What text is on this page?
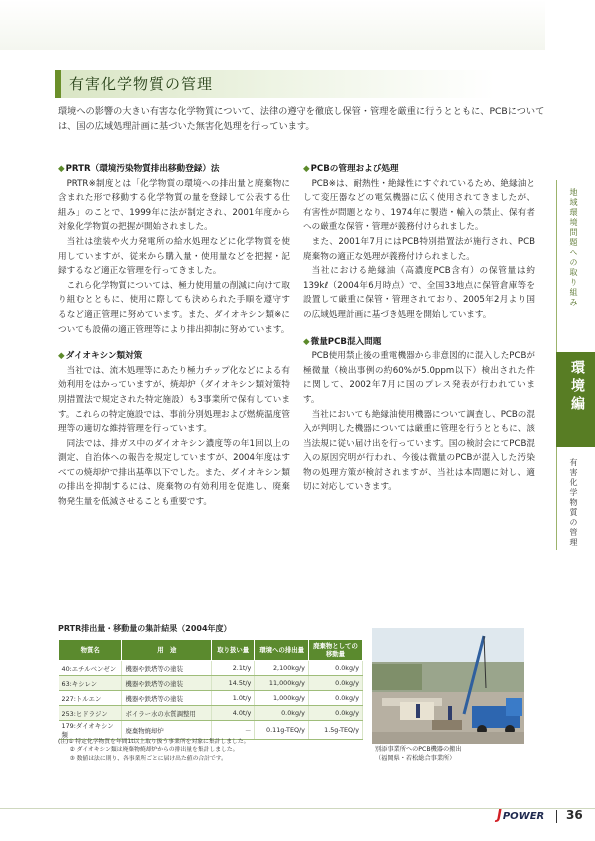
有害化学物質の管理
環境への影響の大きい有害な化学物質について、法律の遵守を徹底し保管・管理を厳重に行うとともに、PCBについては、国の広域処理計画に基づいた無害化処理を行っています。
◆PRTR（環境汚染物質排出移動登録）法
PRTR※制度とは「化学物質の環境への排出量と廃棄物に含まれた形で移動する化学物質の量を登録して公表する仕組み」のことで、1999年に法が制定され、2001年度から対象化学物質の把握が開始されました。
当社は塗装や火力発電所の給水処理などに化学物質を使用していますが、従来から購入量・使用量などを把握・記録するなど適正な管理を行ってきました。
これら化学物質については、極力使用量の削減に向けて取り組むとともに、使用に際しても決められた手順を遵守するなど適正管理に努めています。また、ダイオキシン類※についても設備の適正管理等により排出抑制に努めています。
◆ダイオキシン類対策
当社では、流木処理等にあたり極力チップ化などによる有効利用をはかっていますが、焼却炉（ダイオキシン類対策特別措置法で規定された特定施設）も3事業所で保有しています。これらの特定施設では、事前分別処理および燃焼温度管理等の適切な維持管理を行っています。
同法では、排ガス中のダイオキシン濃度等の年1回以上の測定、自治体への報告を規定していますが、2004年度はすべての焼却炉で排出基準以下でした。また、ダイオキシン類の排出を抑制するには、廃棄物の有効利用を促進し、廃棄物発生量を低減させることも重要です。
◆PCBの管理および処理
PCB※は、耐熱性・絶縁性にすぐれているため、絶縁油として変圧器などの電気機器に広く使用されてきましたが、有害性が問題となり、1974年に製造・輸入の禁止、保有者への厳重な保管・管理が義務付けられました。
また、2001年7月にはPCB特別措置法が施行され、PCB廃棄物の適正な処理が義務付けられました。
当社における絶縁油（高濃度PCB含有）の保管量は約139kℓ（2004年6月時点）で、全国33地点に保管倉庫等を設置して厳重に保管・管理されており、2005年2月より国の広域処理計画に基づき処理を開始しています。
◆微量PCB混入問題
PCB使用禁止後の重電機器から非意図的に混入したPCBが極微量（検出事例の約60%が5.0ppm以下）検出された件に関して、2002年7月に国のプレス発表が行われています。
当社においても絶縁油使用機器について調査し、PCBの混入が判明した機器については厳重に管理を行うとともに、該当法規に従い届け出を行っています。国の検討会にてPCB混入の原因究明が行われ、今後は微量のPCBが混入した汚染物の処理方策が検討されますが、当社は本問題に対し、適切に対応していきます。
地域環境問題への取り組み
環境編
有害化学物質の管理
PRTR排出量・移動量の集計結果（2004年度）
物質名	用　途	取り扱い量	環境への排出量	廃棄物としての移動量
40:エチルベンゼン	機器や鉄塔等の塗装	2.1t/y	2,100kg/y	0.0kg/y
63:キシレン	機器や鉄塔等の塗装	14.5t/y	11,000kg/y	0.0kg/y
227:トルエン	機器や鉄塔等の塗装	1.0t/y	1,000kg/y	0.0kg/y
253:ヒドラジン	ボイラー水の水質調整用	4.0t/y	0.0kg/y	0.0kg/y
179:ダイオキシン類	廃棄物焼却炉	－	0.11g-TEQ/y	1.5g-TEQ/y
(注)① 特定化学物質を年間1t以上取り扱う事業所を対象に集計しました。
　　② ダイオキシン類は廃棄物焼却炉からの排出量を集計しました。
　　③ 数値は法に則り、各事業所ごとに届け出た値の合計です。
別添事業所へのPCB機器の搬出
（福岡県・若松総合事業所）
JPOWER 36
